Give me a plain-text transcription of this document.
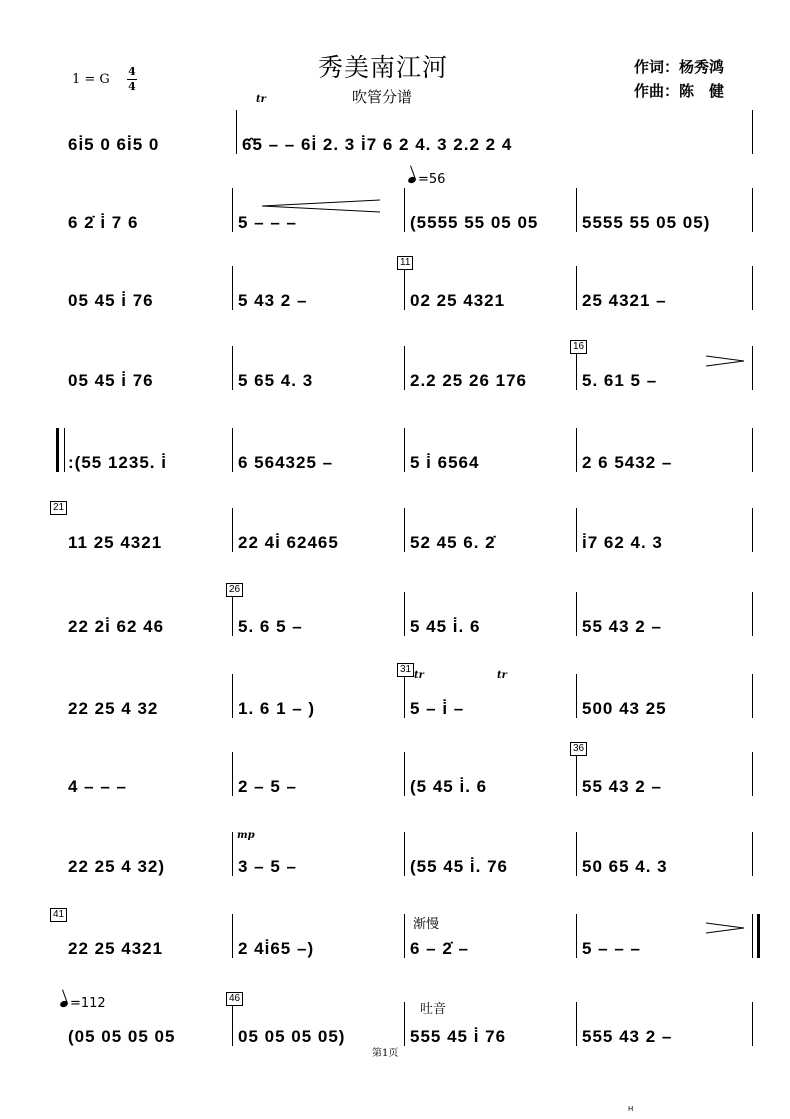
秀美南江河
吹管分谱
作词：杨秀鸿
作曲：陈　健
1 = G
4
4
6i̇5 0 6i̇5 0	6̂5 – – 6i̇ 2. 3 i̇7 6 2 4. 3 2.2 2 4
6 2̇ i̇ 7 6	5 – – –	(5555 55 05 05	5555 55 05 05)
05 45 i̇ 76	5 43 2 –	02 25 4321	25 4321 –
05 45 i̇ 76	5 65 4. 3	2.2 25 26 176	5. 61 5 –
:(55 1235. i̇	6 564325 –	5 i̇ 6564	2 6 5432 –
11 25 4321	22 4i̇ 62465	52 45 6. 2̇	i̇7 62 4. 3
22 2i̇ 62 46	5. 6 5 –	5 45 i̇. 6	55 43 2 –
22 25 4 32	1. 6 1 – )	5 – i̇ –	500 43 25
4 – – –	2 – 5 –	(5 45 i̇. 6	55 43 2 –
22 25 4 32)	3 – 5 –	(55 45 i̇. 76	50 65 4. 3
22 25 4321	2 4i̇65 –)	6 – 2̇ –	5 – – –
(05 05 05 05	05 05 05 05)	555 45 i̇ 76	555 43 2 –
11
16
21
26
31
36
41
46
=56
=112
渐慢
吐音
mp
tr
tr	tr
第1页
H
